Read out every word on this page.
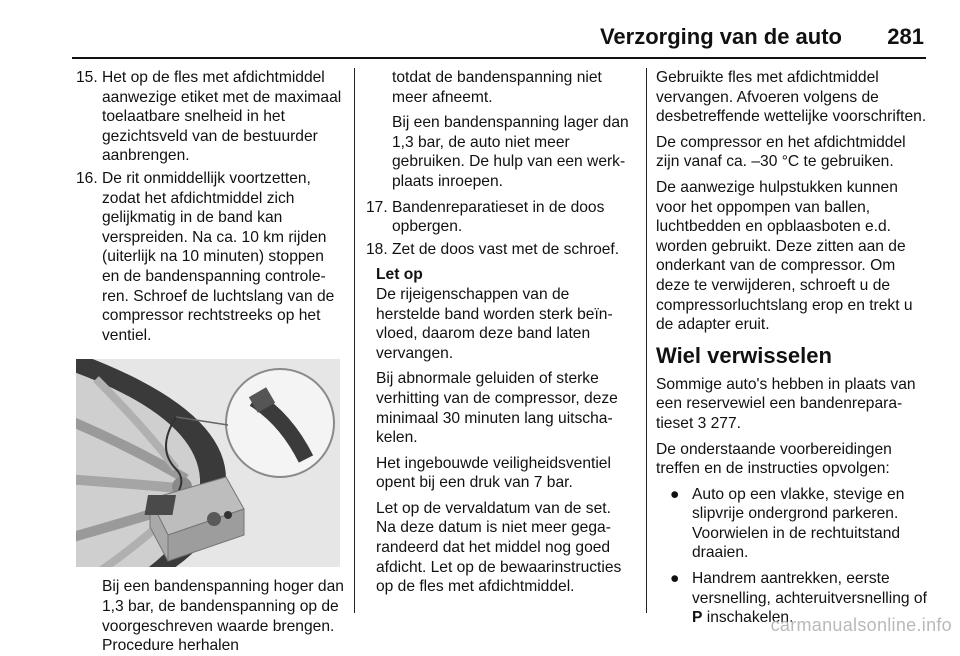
Verzorging van de auto 281
15. Het op de fles met afdichtmiddel aanwezige etiket met de maximaal toelaatbare snelheid in het gezichtsveld van de bestuurder aanbrengen.
16. De rit onmiddellijk voortzetten, zodat het afdichtmiddel zich gelijkmatig in de band kan verspreiden. Na ca. 10 km rijden (uiterlijk na 10 minuten) stoppen en de bandenspanning controleren. Schroef de luchtslang van de compressor rechtstreeks op het ventiel.
Bij een bandenspanning hoger dan 1,3 bar, de bandenspanning op de voorgeschreven waarde brengen. Procedure herhalen
totdat de bandenspanning niet meer afneemt.
Bij een bandenspanning lager dan 1,3 bar, de auto niet meer gebruiken. De hulp van een werkplaats inroepen.
17. Bandenreparatieset in de doos opbergen.
18. Zet de doos vast met de schroef.
Let op
De rijeigenschappen van de herstelde band worden sterk beïnvloed, daarom deze band laten vervangen.
Bij abnormale geluiden of sterke verhitting van de compressor, deze minimaal 30 minuten lang uitschakelen.
Het ingebouwde veiligheidsventiel opent bij een druk van 7 bar.
Let op de vervaldatum van de set. Na deze datum is niet meer gegarandeerd dat het middel nog goed afdicht. Let op de bewaarinstructies op de fles met afdichtmiddel.
Gebruikte fles met afdichtmiddel vervangen. Afvoeren volgens de desbetreffende wettelijke voorschriften.
De compressor en het afdichtmiddel zijn vanaf ca. –30 °C te gebruiken.
De aanwezige hulpstukken kunnen voor het oppompen van ballen, luchtbedden en opblaasboten e.d. worden gebruikt. Deze zitten aan de onderkant van de compressor. Om deze te verwijderen, schroeft u de compressorluchtslang erop en trekt u de adapter eruit.
Wiel verwisselen
Sommige auto's hebben in plaats van een reservewiel een bandenreparatieset 3 277.
De onderstaande voorbereidingen treffen en de instructies opvolgen:
● Auto op een vlakke, stevige en slipvrije ondergrond parkeren. Voorwielen in de rechtuitstand draaien.
● Handrem aantrekken, eerste versnelling, achteruitversnelling of P inschakelen.
carmanualsonline.info
